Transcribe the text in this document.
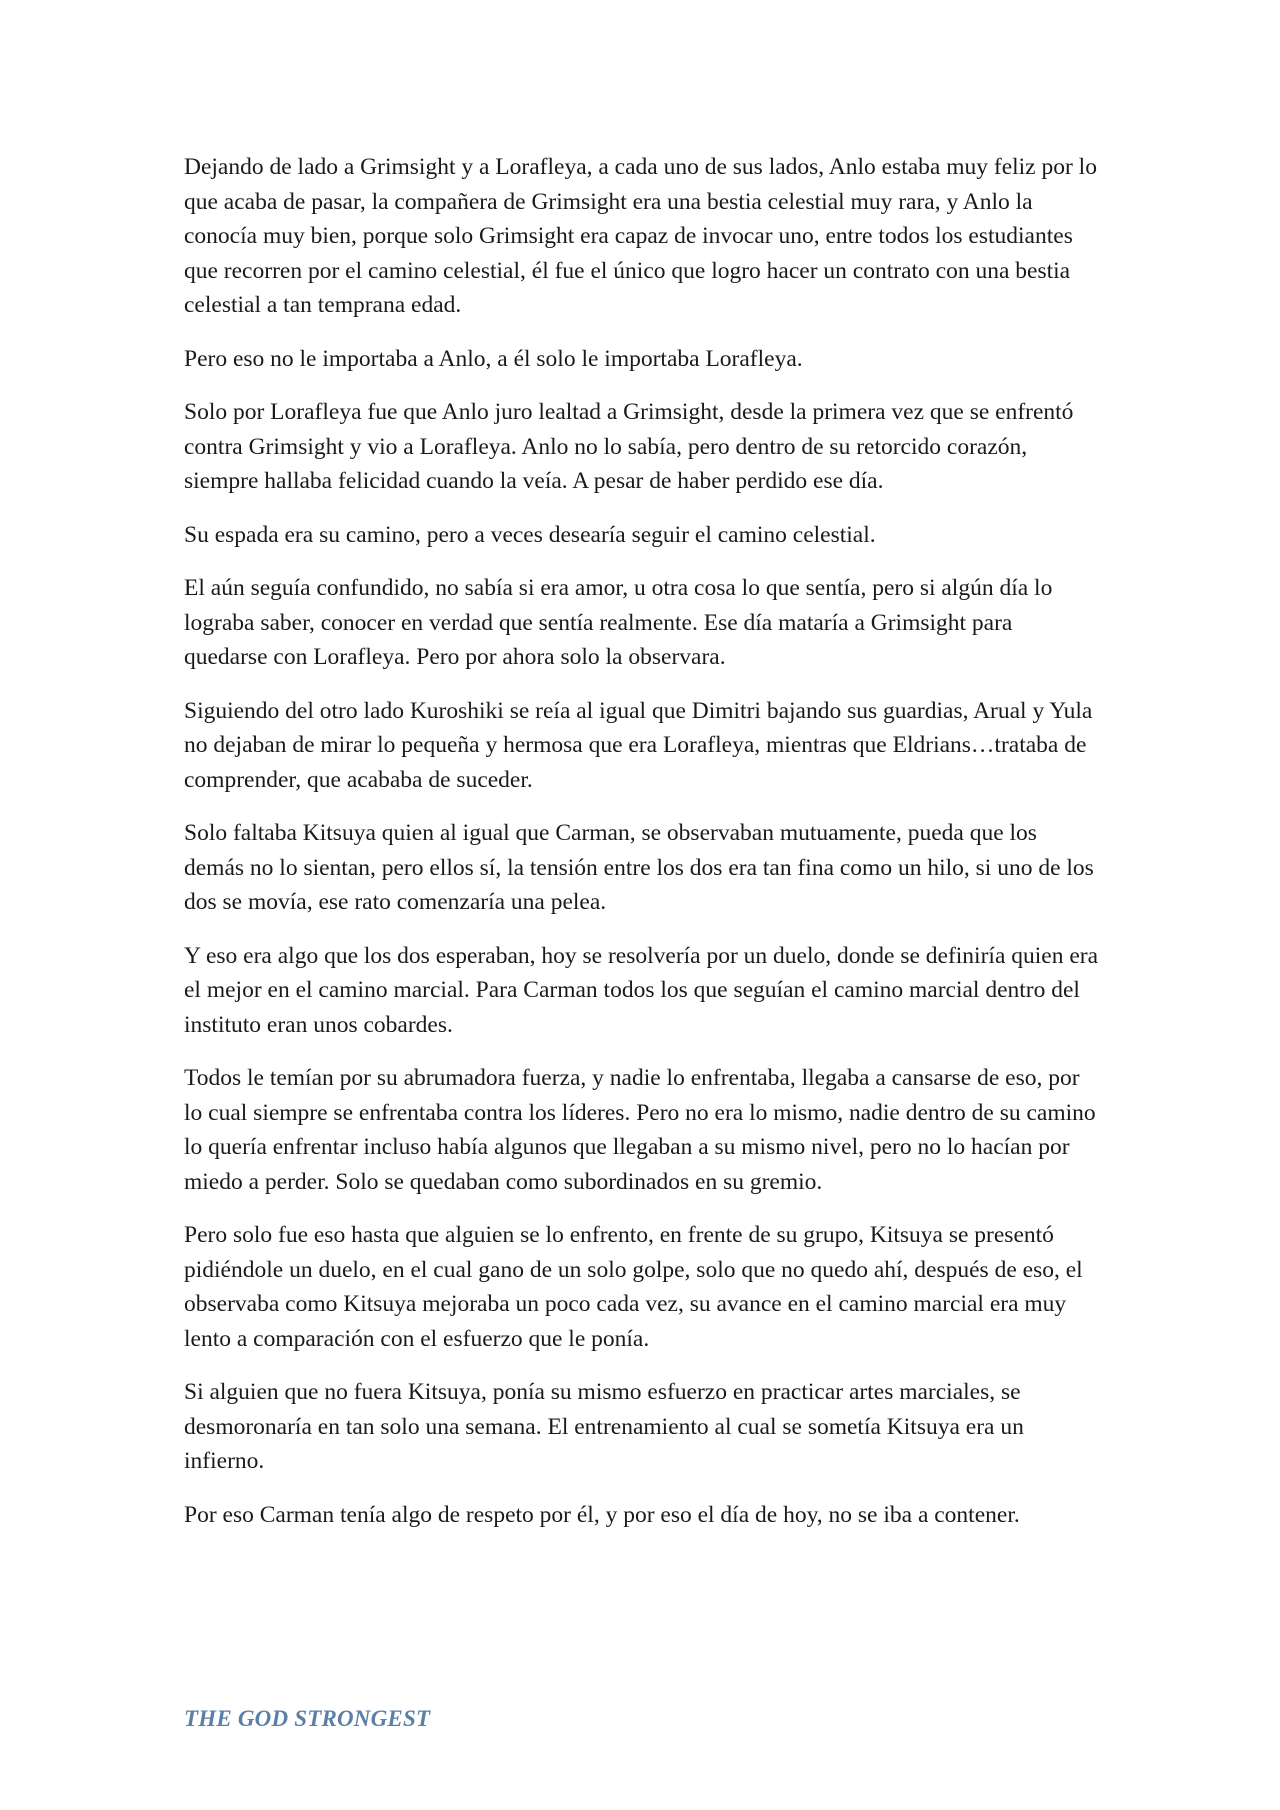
Dejando de lado a Grimsight y a Lorafleya, a cada uno de sus lados, Anlo estaba muy feliz por lo que acaba de pasar, la compañera de Grimsight era una bestia celestial muy rara, y Anlo la conocía muy bien, porque solo Grimsight era capaz de invocar uno, entre todos los estudiantes que recorren por el camino celestial, él fue el único que logro hacer un contrato con una bestia celestial a tan temprana edad.

Pero eso no le importaba a Anlo, a él solo le importaba Lorafleya.

Solo por Lorafleya fue que Anlo juro lealtad a Grimsight, desde la primera vez que se enfrentó contra Grimsight y vio a Lorafleya. Anlo no lo sabía, pero dentro de su retorcido corazón, siempre hallaba felicidad cuando la veía. A pesar de haber perdido ese día.

Su espada era su camino, pero a veces desearía seguir el camino celestial.

El aún seguía confundido, no sabía si era amor, u otra cosa lo que sentía, pero si algún día lo lograba saber, conocer en verdad que sentía realmente. Ese día mataría a Grimsight para quedarse con Lorafleya. Pero por ahora solo la observara.

Siguiendo del otro lado Kuroshiki se reía al igual que Dimitri bajando sus guardias, Arual y Yula no dejaban de mirar lo pequeña y hermosa que era Lorafleya, mientras que Eldrians…trataba de comprender, que acababa de suceder.

Solo faltaba Kitsuya quien al igual que Carman, se observaban mutuamente, pueda que los demás no lo sientan, pero ellos sí, la tensión entre los dos era tan fina como un hilo, si uno de los dos se movía, ese rato comenzaría una pelea.

Y eso era algo que los dos esperaban, hoy se resolvería por un duelo, donde se definiría quien era el mejor en el camino marcial. Para Carman todos los que seguían el camino marcial dentro del instituto eran unos cobardes.

Todos le temían por su abrumadora fuerza, y nadie lo enfrentaba, llegaba a cansarse de eso, por lo cual siempre se enfrentaba contra los líderes. Pero no era lo mismo, nadie dentro de su camino lo quería enfrentar incluso había algunos que llegaban a su mismo nivel, pero no lo hacían por miedo a perder. Solo se quedaban como subordinados en su gremio.

Pero solo fue eso hasta que alguien se lo enfrento, en frente de su grupo, Kitsuya se presentó pidiéndole un duelo, en el cual gano de un solo golpe, solo que no quedo ahí, después de eso, el observaba como Kitsuya mejoraba un poco cada vez, su avance en el camino marcial era muy lento a comparación con el esfuerzo que le ponía.

Si alguien que no fuera Kitsuya, ponía su mismo esfuerzo en practicar artes marciales, se desmoronaría en tan solo una semana. El entrenamiento al cual se sometía Kitsuya era un infierno.

Por eso Carman tenía algo de respeto por él, y por eso el día de hoy, no se iba a contener.

THE GOD STRONGEST
